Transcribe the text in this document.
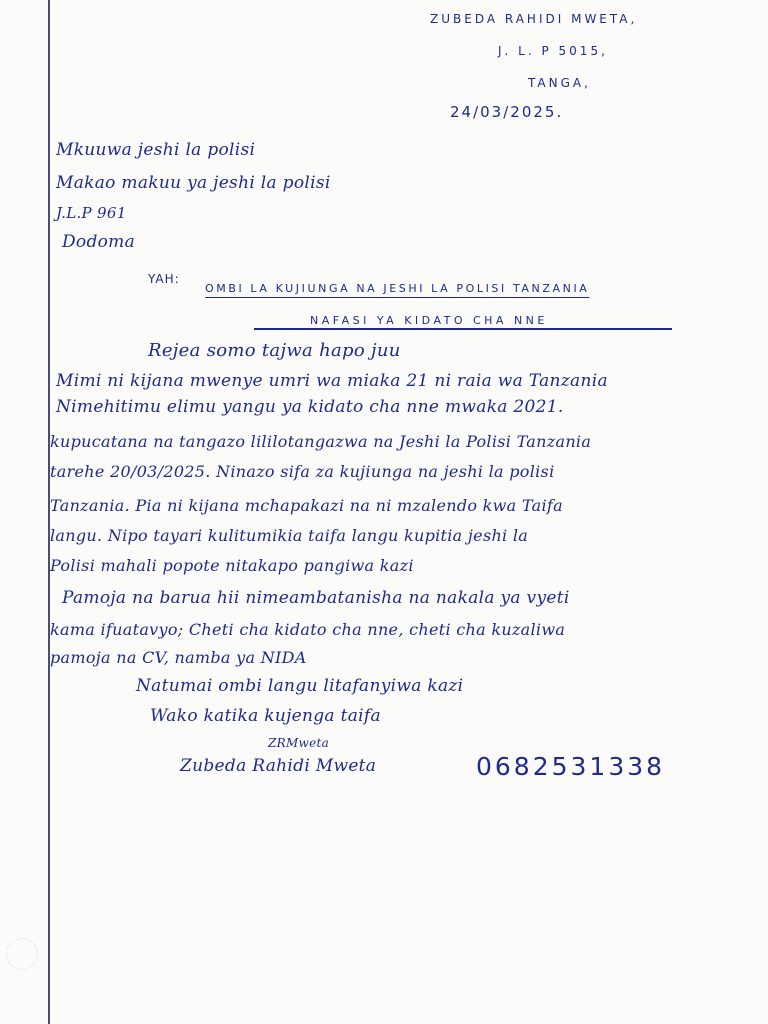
ZUBEDA RAHIDI MWETA,
J. L. P 5015,
TANGA,
24/03/2025.
Mkuuwa jeshi la polisi
Makao makuu ya jeshi la polisi
J.L.P 961
Dodoma
YAH:
OMBI LA KUJIUNGA NA JESHI LA POLISI TANZANIA
NAFASI YA KIDATO CHA NNE
Rejea somo tajwa hapo juu
Mimi ni kijana mwenye umri wa miaka 21 ni raia wa Tanzania
Nimehitimu elimu yangu ya kidato cha nne mwaka 2021.
kupucatana na tangazo lililotangazwa na Jeshi la Polisi Tanzania
tarehe 20/03/2025. Ninazo sifa za kujiunga na jeshi la polisi
Tanzania. Pia ni kijana mchapakazi na ni mzalendo kwa Taifa
langu. Nipo tayari kulitumikia taifa langu kupitia jeshi la
Polisi mahali popote nitakapo pangiwa kazi
Pamoja na barua hii nimeambatanisha na nakala ya vyeti
kama ifuatavyo; Cheti cha kidato cha nne, cheti cha kuzaliwa
pamoja na CV, namba ya NIDA
Natumai ombi langu litafanyiwa kazi
Wako katika kujenga taifa
ZRMweta
Zubeda Rahidi Mweta	0682531338
